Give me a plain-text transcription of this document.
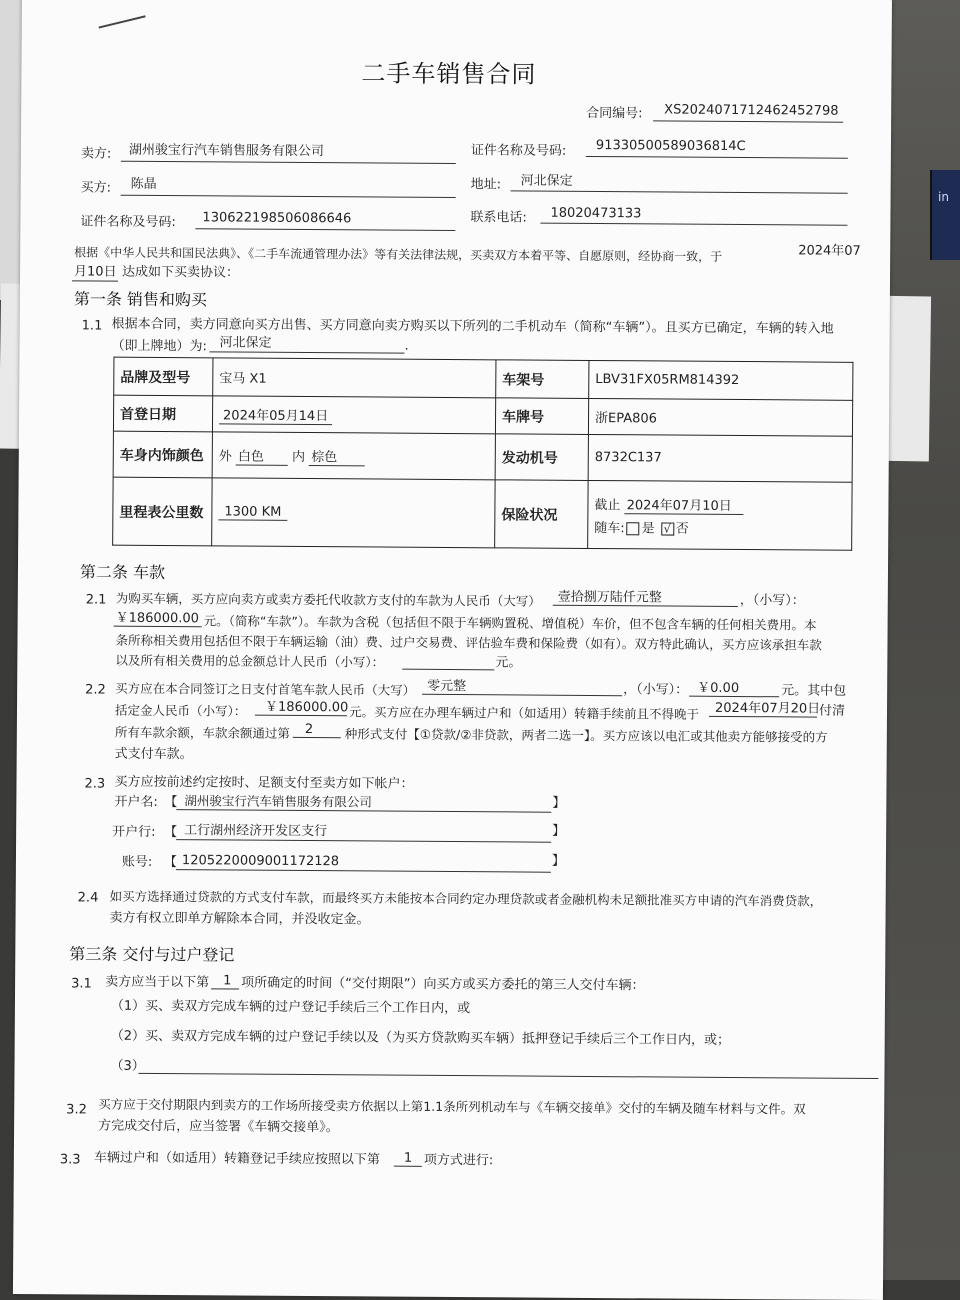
in
二手车销售合同
合同编号: XS2024071712462452798
卖方: 湖州骏宝行汽车销售服务有限公司	证件名称及号码: 91330500589036814C
买方: 陈晶	地址: 河北保定
证件名称及号码: 130622198506086646	联系电话: 18020473133
根据《中华人民共和国民法典》、《二手车流通管理办法》等有关法律法规，买卖双方本着平等、自愿原则，经协商一致，于	2024年07
月10日 达成如下买卖协议：
第一条 销售和购买
1.1 根据本合同，卖方同意向买方出售、买方同意向卖方购买以下所列的二手机动车（简称“车辆”）。且买方已确定，车辆的转入地
（即上牌地）为: 河北保定	.
品牌及型号	宝马 X1	车架号	LBV31FX05RM814392
首登日期	2024年05月14日	车牌号	浙EPA806
车身内饰颜色	外 白色 内 棕色	发动机号	8732C137
里程表公里数	1300 KM	保险状况	截止 2024年07月10日
随车: 是 √ 否
第二条 车款
2.1 为购买车辆，买方应向卖方或卖方委托代收款方支付的车款为人民币（大写） 壹拾捌万陆仟元整	，（小写）：
￥186000.00 元。（简称“车款”）。车款为含税（包括但不限于车辆购置税、增值税）车价，但不包含车辆的任何相关费用。本
条所称相关费用包括但不限于车辆运输（油）费、过户交易费、评估验车费和保险费（如有）。双方特此确认，买方应该承担车款
以及所有相关费用的总金额总计人民币（小写）：	元。
2.2 买方应在本合同签订之日支付首笔车款人民币（大写） 零元整	，（小写）： ￥0.00	元。其中包
括定金人民币（小写）： ￥186000.00 元。买方应在办理车辆过户和（如适用）转籍手续前且不得晚于 2024年07月20日
付清
所有车款余额，车款余额通过第 2	种形式支付【①贷款/②非贷款，两者二选一】。买方应该以电汇或其他卖方能够接受的方
式支付车款。
2.3 买方应按前述约定按时、足额支付至卖方如下帐户：
开户名: 【 湖州骏宝行汽车销售服务有限公司	】
开户行: 【 工行湖州经济开发区支行	】
账号: 【 1205220009001172128	】
2.4 如买方选择通过贷款的方式支付车款，而最终买方未能按本合同约定办理贷款或者金融机构未足额批准买方申请的汽车消费贷款，
卖方有权立即单方解除本合同，并没收定金。
第三条 交付与过户登记
3.1 卖方应当于以下第 1 项所确定的时间（“交付期限”）向买方或买方委托的第三人交付车辆：
（1）买、卖双方完成车辆的过户登记手续后三个工作日内，或
（2）买、卖双方完成车辆的过户登记手续以及（为买方贷款购买车辆）抵押登记手续后三个工作日内，或；
（3）
3.2 买方应于交付期限内到卖方的工作场所接受卖方依据以上第1.1条所列机动车与《车辆交接单》交付的车辆及随车材料与文件。双
方完成交付后，应当签署《车辆交接单》。
3.3 车辆过户和（如适用）转籍登记手续应按照以下第 1 项方式进行:
